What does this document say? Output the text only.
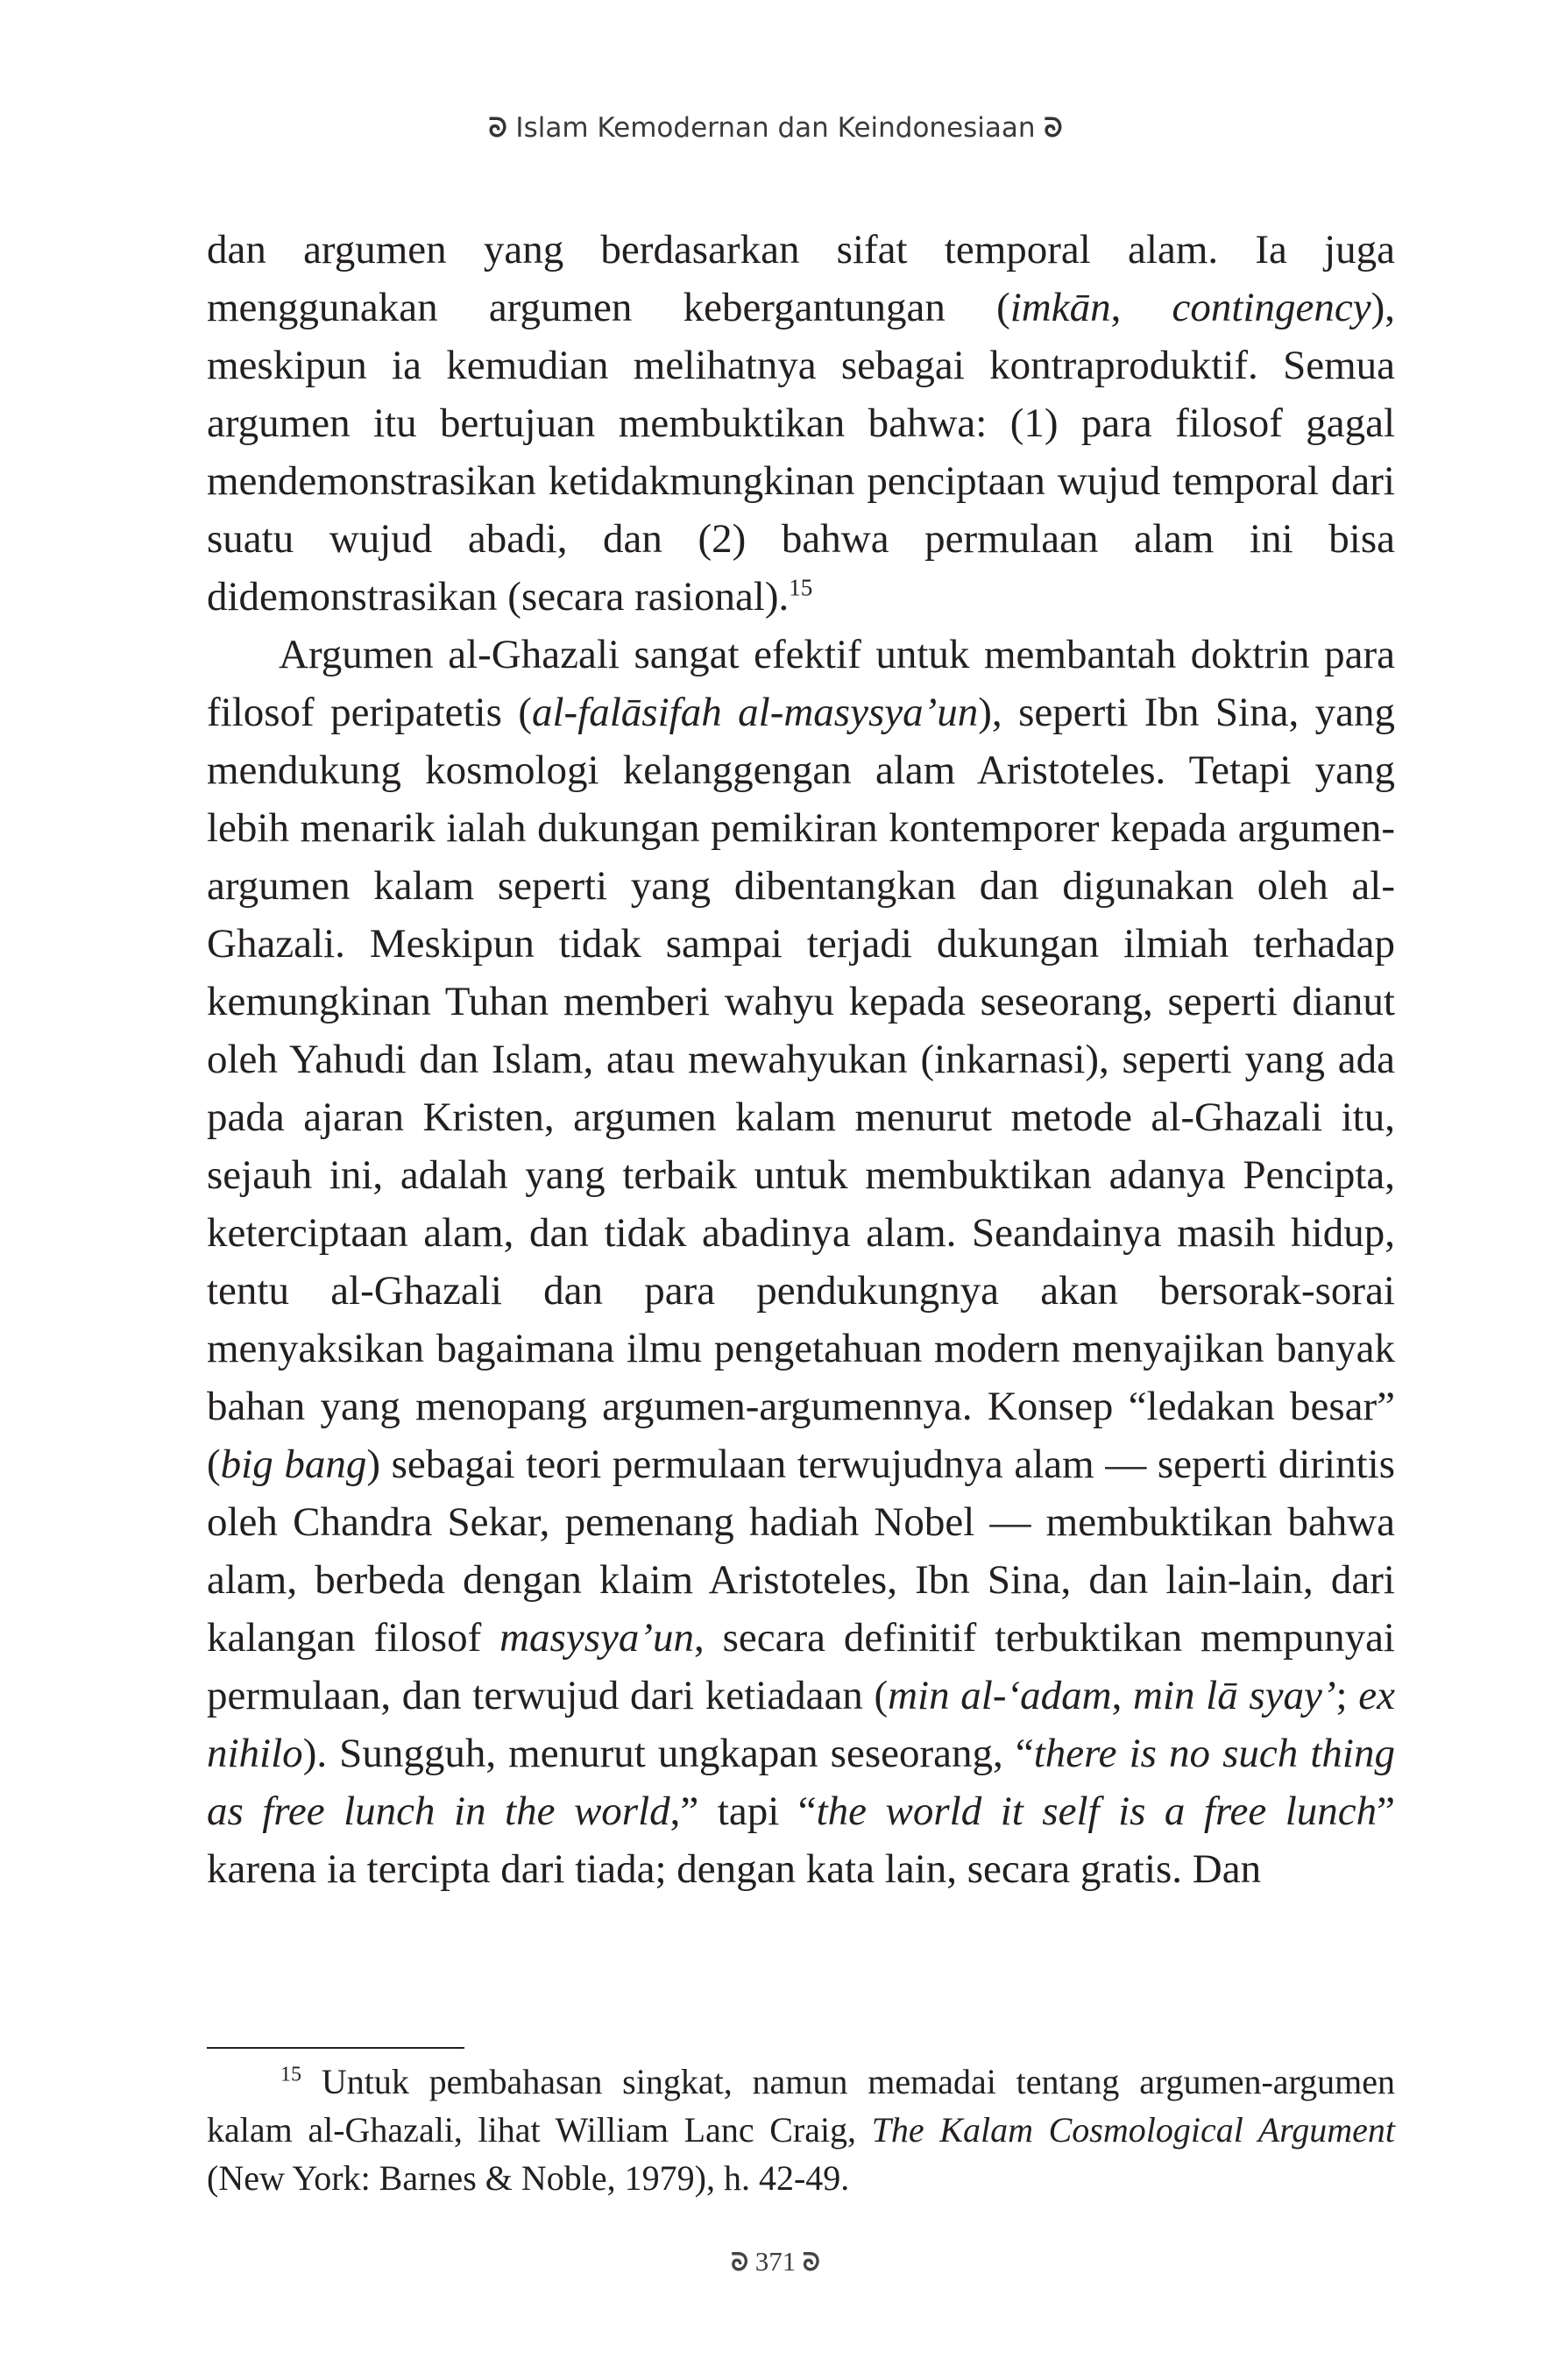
ᘐ Islam Kemodernan dan Keindonesiaan ᘐ

dan argumen yang berdasarkan sifat temporal alam. Ia juga menggunakan argumen kebergantungan (imkān, contingency), meskipun ia kemudian melihatnya sebagai kontraproduktif. Semua argumen itu bertujuan membuktikan bahwa: (1) para filosof gagal mendemonstrasikan ketidakmungkinan penciptaan wujud temporal dari suatu wujud abadi, dan (2) bahwa permulaan alam ini bisa didemonstrasikan (secara rasional).$^{15}$

Argumen al-Ghazali sangat efektif untuk membantah doktrin para filosof peripatetis (al-falāsifah al-masysya’un), seperti Ibn Sina, yang mendukung kosmologi kelanggengan alam Aristoteles. Tetapi yang lebih menarik ialah dukungan pemikiran kontemporer kepada argumen-argumen kalam seperti yang dibentangkan dan digunakan oleh al-Ghazali. Meskipun tidak sampai terjadi dukungan ilmiah terhadap kemungkinan Tuhan memberi wahyu kepada seseorang, seperti dianut oleh Yahudi dan Islam, atau mewahyukan (inkarnasi), seperti yang ada pada ajaran Kristen, argumen kalam menurut metode al-Ghazali itu, sejauh ini, adalah yang terbaik untuk membuktikan adanya Pencipta, keterciptaan alam, dan tidak abadinya alam. Seandainya masih hidup, tentu al-Ghazali dan para pendukungnya akan bersorak-sorai menyaksikan bagaimana ilmu pengetahuan modern menyajikan banyak bahan yang menopang argumen-argumennya. Konsep “ledakan besar” (big bang) sebagai teori permulaan terwujudnya alam — seperti dirintis oleh Chandra Sekar, pemenang hadiah Nobel — membuktikan bahwa alam, berbeda dengan klaim Aristoteles, Ibn Sina, dan lain-lain, dari kalangan filosof masysya’un, secara definitif terbuktikan mempunyai permulaan, dan terwujud dari ketiadaan (min al-‘adam, min lā syay’; ex nihilo). Sungguh, menurut ungkapan seseorang, “there is no such thing as free lunch in the world,” tapi “the world it self is a free lunch” karena ia tercipta dari tiada; dengan kata lain, secara gratis. Dan

$^{15}$ Untuk pembahasan singkat, namun memadai tentang argumen-argumen kalam al-Ghazali, lihat William Lanc Craig, The Kalam Cosmological Argument (New York: Barnes & Noble, 1979), h. 42-49.

ᘐ 371 ᘐ
